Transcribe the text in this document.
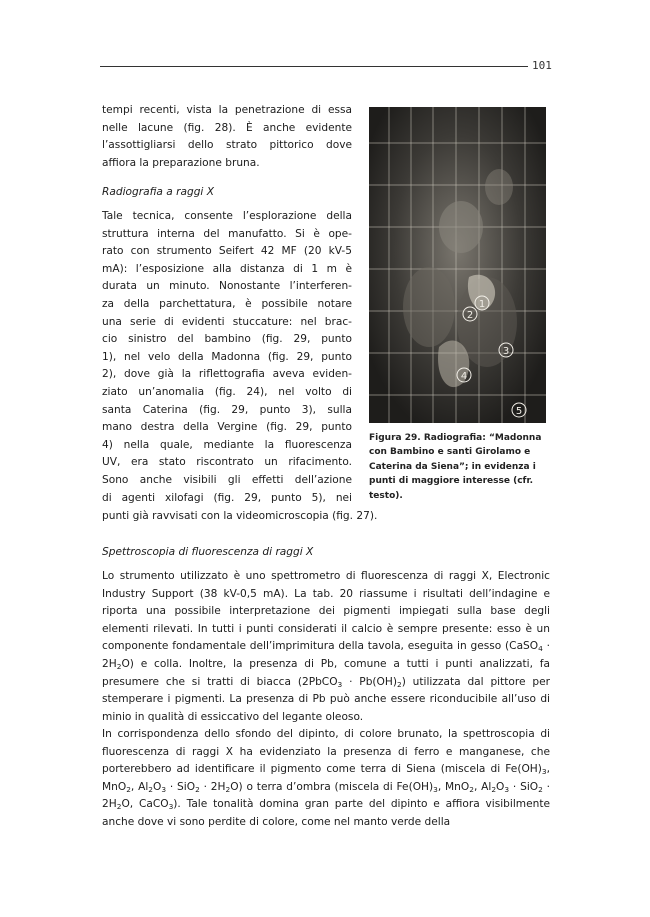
101
tempi recenti, vista la penetrazione di essa
nelle lacune (fig. 28). È anche evidente
l’assottigliarsi dello strato pittorico dove
affiora la preparazione bruna.
Radiografia a raggi X
Tale tecnica, consente l’esplorazione della
struttura interna del manufatto. Si è ope-
rato con strumento Seifert 42 MF (20 kV-5
mA): l’esposizione alla distanza di 1 m è
durata un minuto. Nonostante l’interferen-
za della parchettatura, è possibile notare
una serie di evidenti stuccature: nel brac-
cio sinistro del bambino (fig. 29, punto
1), nel velo della Madonna (fig. 29, punto
2), dove già la riflettografia aveva eviden-
ziato un’anomalia (fig. 24), nel volto di
santa Caterina (fig. 29, punto 3), sulla
mano destra della Vergine (fig. 29, punto
4) nella quale, mediante la fluorescenza
UV, era stato riscontrato un rifacimento.
Sono anche visibili gli effetti dell’azione
di agenti xilofagi (fig. 29, punto 5), nei
punti già ravvisati con la videomicroscopia (fig. 27).
1
2
3
4
5
Figura 29. Radiografia: “Madonna con Bambino e santi Girolamo e Caterina da Siena”; in evidenza i punti di maggiore interesse (cfr. testo).
Spettroscopia di fluorescenza di raggi X
Lo strumento utilizzato è uno spettrometro di fluorescenza di raggi X, Electronic Industry Support (38 kV-0,5 mA). La tab. 20 riassume i risultati dell’indagine e riporta una possibile interpretazione dei pigmenti impiegati sulla base degli elementi rilevati. In tutti i punti considerati il calcio è sempre presente: esso è un componente fondamentale dell’imprimitura della tavola, eseguita in gesso (CaSO$_4$ · $2H_2O$) e colla. Inoltre, la presenza di Pb, comune a tutti i punti analizzati, fa presumere che si tratti di biacca (2PbCO$_3$ · $Pb(OH)_2$) utilizzata dal pittore per stemperare i pigmenti. La presenza di Pb può anche essere riconducibile all’uso di minio in qualità di essiccativo del legante oleoso.
In corrispondenza dello sfondo del dipinto, di colore brunato, la spettroscopia di fluorescenza di raggi X ha evidenziato la presenza di ferro e manganese, che porterebbero ad identificare il pigmento come terra di Siena (miscela di $Fe(OH)_3$, MnO$_2$, $Al_2O_3 \cdot SiO_2 \cdot 2H_2O$) o terra d’ombra (miscela di $Fe(OH)_3$, MnO$_2$, $Al_2O_3 \cdot SiO_2 \cdot 2H_2O$, CaCO$_3$). Tale tonalità domina gran parte del dipinto e affiora visibilmente anche dove vi sono perdite di colore, come nel manto verde della
